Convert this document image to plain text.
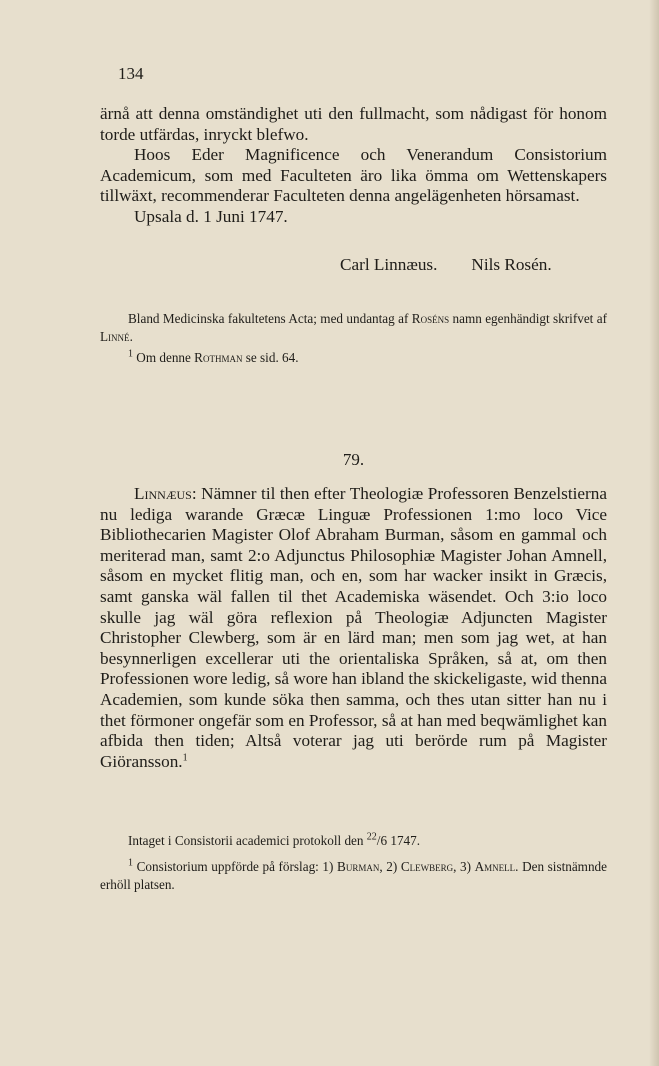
134

ärnå att denna omständighet uti den fullmacht, som nådigast för honom torde utfärdas, inryckt blefwo.

Hoos Eder Magnificence och Venerandum Consistorium Academicum, som med Faculteten äro lika ömma om Wettenskapers tillwäxt, recommenderar Faculteten denna angelägenheten hörsamast.

Upsala d. 1 Juni 1747.

Carl Linnæus. Nils Rosén.

Bland Medicinska fakultetens Acta; med undantag af Roséns namn egenhändigt skrifvet af Linné.

$^1$ Om denne Rothman se sid. 64.

79.

Linnæus: Nämner til then efter Theologiæ Professoren Benzelstierna nu lediga warande Græcæ Linguæ Professionen 1:mo loco Vice Bibliothecarien Magister Olof Abraham Burman, såsom en gammal och meriterad man, samt 2:o Adjunctus Philosophiæ Magister Johan Amnell, såsom en mycket flitig man, och en, som har wacker insikt in Græcis, samt ganska wäl fallen til thet Academiska wäsendet. Och 3:io loco skulle jag wäl göra reflexion på Theologiæ Adjuncten Magister Christopher Clewberg, som är en lärd man; men som jag wet, at han besynnerligen excellerar uti the orientaliska Språken, så at, om then Professionen wore ledig, så wore han ibland the skickeligaste, wid thenna Academien, som kunde söka then samma, och thes utan sitter han nu i thet förmoner ongefär som en Professor, så at han med beqwämlighet kan afbida then tiden; Altså voterar jag uti berörde rum på Magister Giöransson.$^1$

Intaget i Consistorii academici protokoll den $^{22}$/6 1747.

$^1$ Consistorium uppförde på förslag: 1) Burman, 2) Clewberg, 3) Amnell. Den sistnämnde erhöll platsen.
